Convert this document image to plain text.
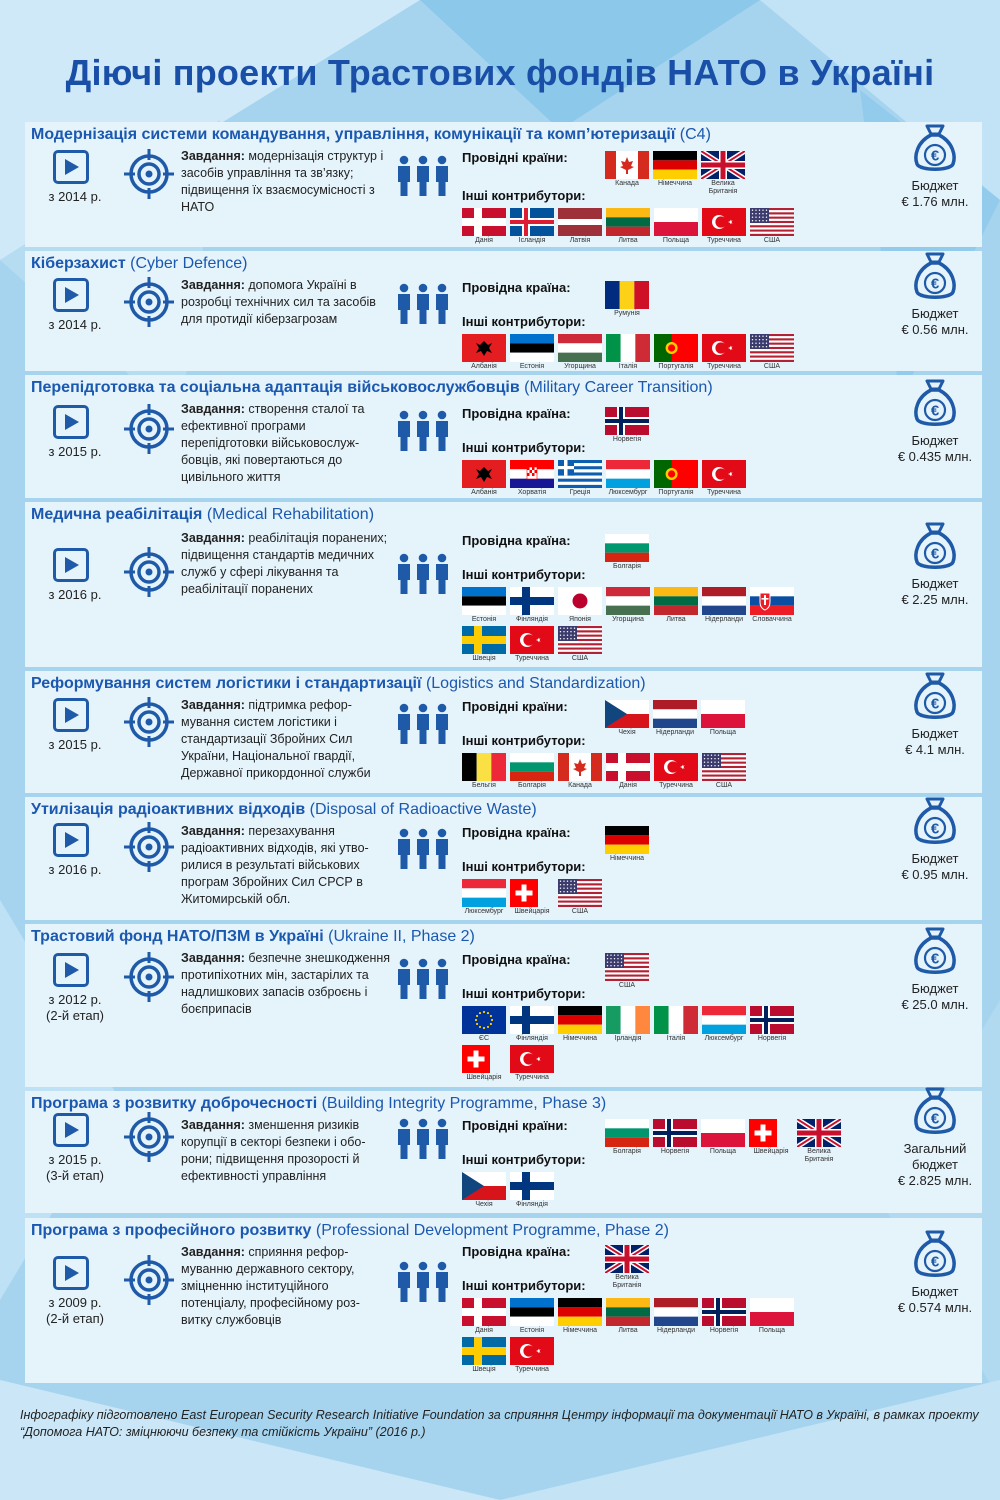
Діючі проекти Трастових фондів НАТО в Україні
Модернізація системи командування, управління, комунікації та комп’ютеризації (C4)
з 2014 р.
Завдання: модернізація структур і засобів управління та зв’язку; підвищення їх взаємосумісності з НАТО
Провідні країни:
Інші контрибутори:
Канада	Німеччина	Велика Британія
Данія	Ісландія	Латвія	Литва	Польща	Туреччина	США
€
Бюджет
€ 1.76 млн.
Кіберзахист (Cyber Defence)
з 2014 р.
Завдання: допомога Україні в розробці технічних сил та засобів для протидії кіберзагрозам
Провідна країна:
Інші контрибутори:
Румунія
Албанія	Естонія	Угорщина	Італія	Португалія	Туреччина	США
€
Бюджет
€ 0.56 млн.
Перепідготовка та соціальна адаптація військовослужбовців (Military Career Transition)
з 2015 р.
Завдання: створення сталої та ефективної програми перепідготовки військовослуж-бовців, які повертаються до цивільного життя
Провідна країна:
Інші контрибутори:
Норвегія
Албанія	Хорватія	Греція	Люксембург	Португалія	Туреччина
€
Бюджет
€ 0.435 млн.
Медична реабілітація (Medical Rehabilitation)
з 2016 р.
Завдання: реабілітація поранених; підвищення стандартів медичних служб у сфері лікування та реабілітації поранених
Провідна країна:
Інші контрибутори:
Болгарія
Естонія	Фінляндія	Японія	Угорщина	Литва	Нідерланди	Словаччина
Швеція	Туреччина	США
€
Бюджет
€ 2.25 млн.
Реформування систем логістики і стандартизації (Logistics and Standardization)
з 2015 р.
Завдання: підтримка рефор-мування систем логістики і стандартизації Збройних Сил України, Національної гвардії, Державної прикордонної служби
Провідні країни:
Інші контрибутори:
Чехія	Нідерланди	Польща
Бельгія	Болгарія	Канада	Данія	Туреччина	США
€
Бюджет
€ 4.1 млн.
Утилізація радіоактивних відходів (Disposal of Radioactive Waste)
з 2016 р.
Завдання: перезахування радіоактивних відходів, які утво-рилися в результаті військових програм Збройних Сил СРСР в Житомирській обл.
Провідна країна:
Інші контрибутори:
Німеччина
Люксембург	Швейцарія	США
€
Бюджет
€ 0.95 млн.
Трастовий фонд НАТО/ПЗМ в Україні (Ukraine II, Phase 2)
з 2012 р.
(2-й етап)
Завдання: безпечне знешкодження протипіхотних мін, застарілих та надлишкових запасів озброєнь і боєприпасів
Провідна країна:
Інші контрибутори:
США
ЄС	Фінляндія	Німеччина	Ірландія	Італія	Люксембург	Норвегія
Швейцарія	Туреччина
€
Бюджет
€ 25.0 млн.
Програма з розвитку доброчесності (Building Integrity Programme, Phase 3)
з 2015 р.
(3-й етап)
Завдання: зменшення ризиків корупції в секторі безпеки і обо-рони; підвищення прозорості й ефективності управління
Провідні країни:
Інші контрибутори:
Болгарія	Норвегія	Польща	Швейцарія	Велика Британія
Чехія	Фінляндія
€
Загальний бюджет
€ 2.825 млн.
Програма з професійного розвитку (Professional Development Programme, Phase 2)
з 2009 р.
(2-й етап)
Завдання: сприяння рефор-муванню державного сектору, зміцненню інституційного потенціалу, професійному роз-витку службовців
Провідна країна:
Інші контрибутори:
Велика Британія
Данія	Естонія	Німеччина	Литва	Нідерланди	Норвегія	Польща
Швеція	Туреччина
€
Бюджет
€ 0.574 млн.
Інфографіку підготовлено East European Security Research Initiative Foundation за сприяння Центру інформації та документації НАТО в Україні, в рамках проекту “Допомога НАТО: зміцнюючи безпеку та стійкість України” (2016 р.)
